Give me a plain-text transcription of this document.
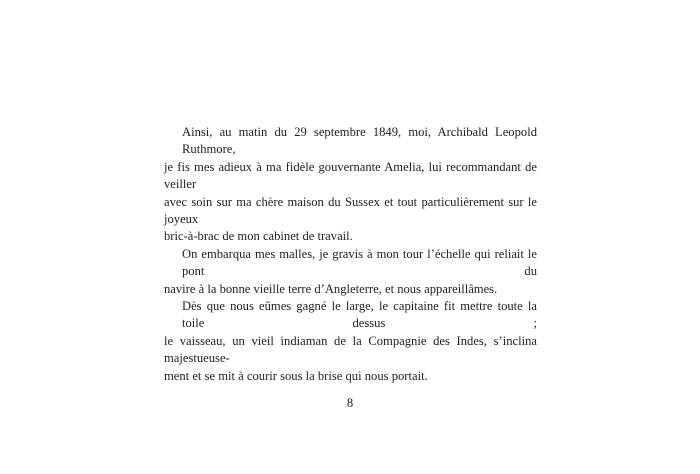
Ainsi, au matin du 29 septembre 1849, moi, Archibald Leopold Ruthmore,
je fis mes adieux à ma fidèle gouvernante Amelia, lui recommandant de veiller
avec soin sur ma chère maison du Sussex et tout particulièrement sur le joyeux
bric-à-brac de mon cabinet de travail.
On embarqua mes malles, je gravis à mon tour l’échelle qui reliait le pont du
navire à la bonne vieille terre d’Angleterre, et nous appareillâmes.
Dès que nous eûmes gagné le large, le capitaine fit mettre toute la toile dessus ;
le vaisseau, un vieil indiaman de la Compagnie des Indes, s’inclina majestueuse-
ment et se mit à courir sous la brise qui nous portait.
8
